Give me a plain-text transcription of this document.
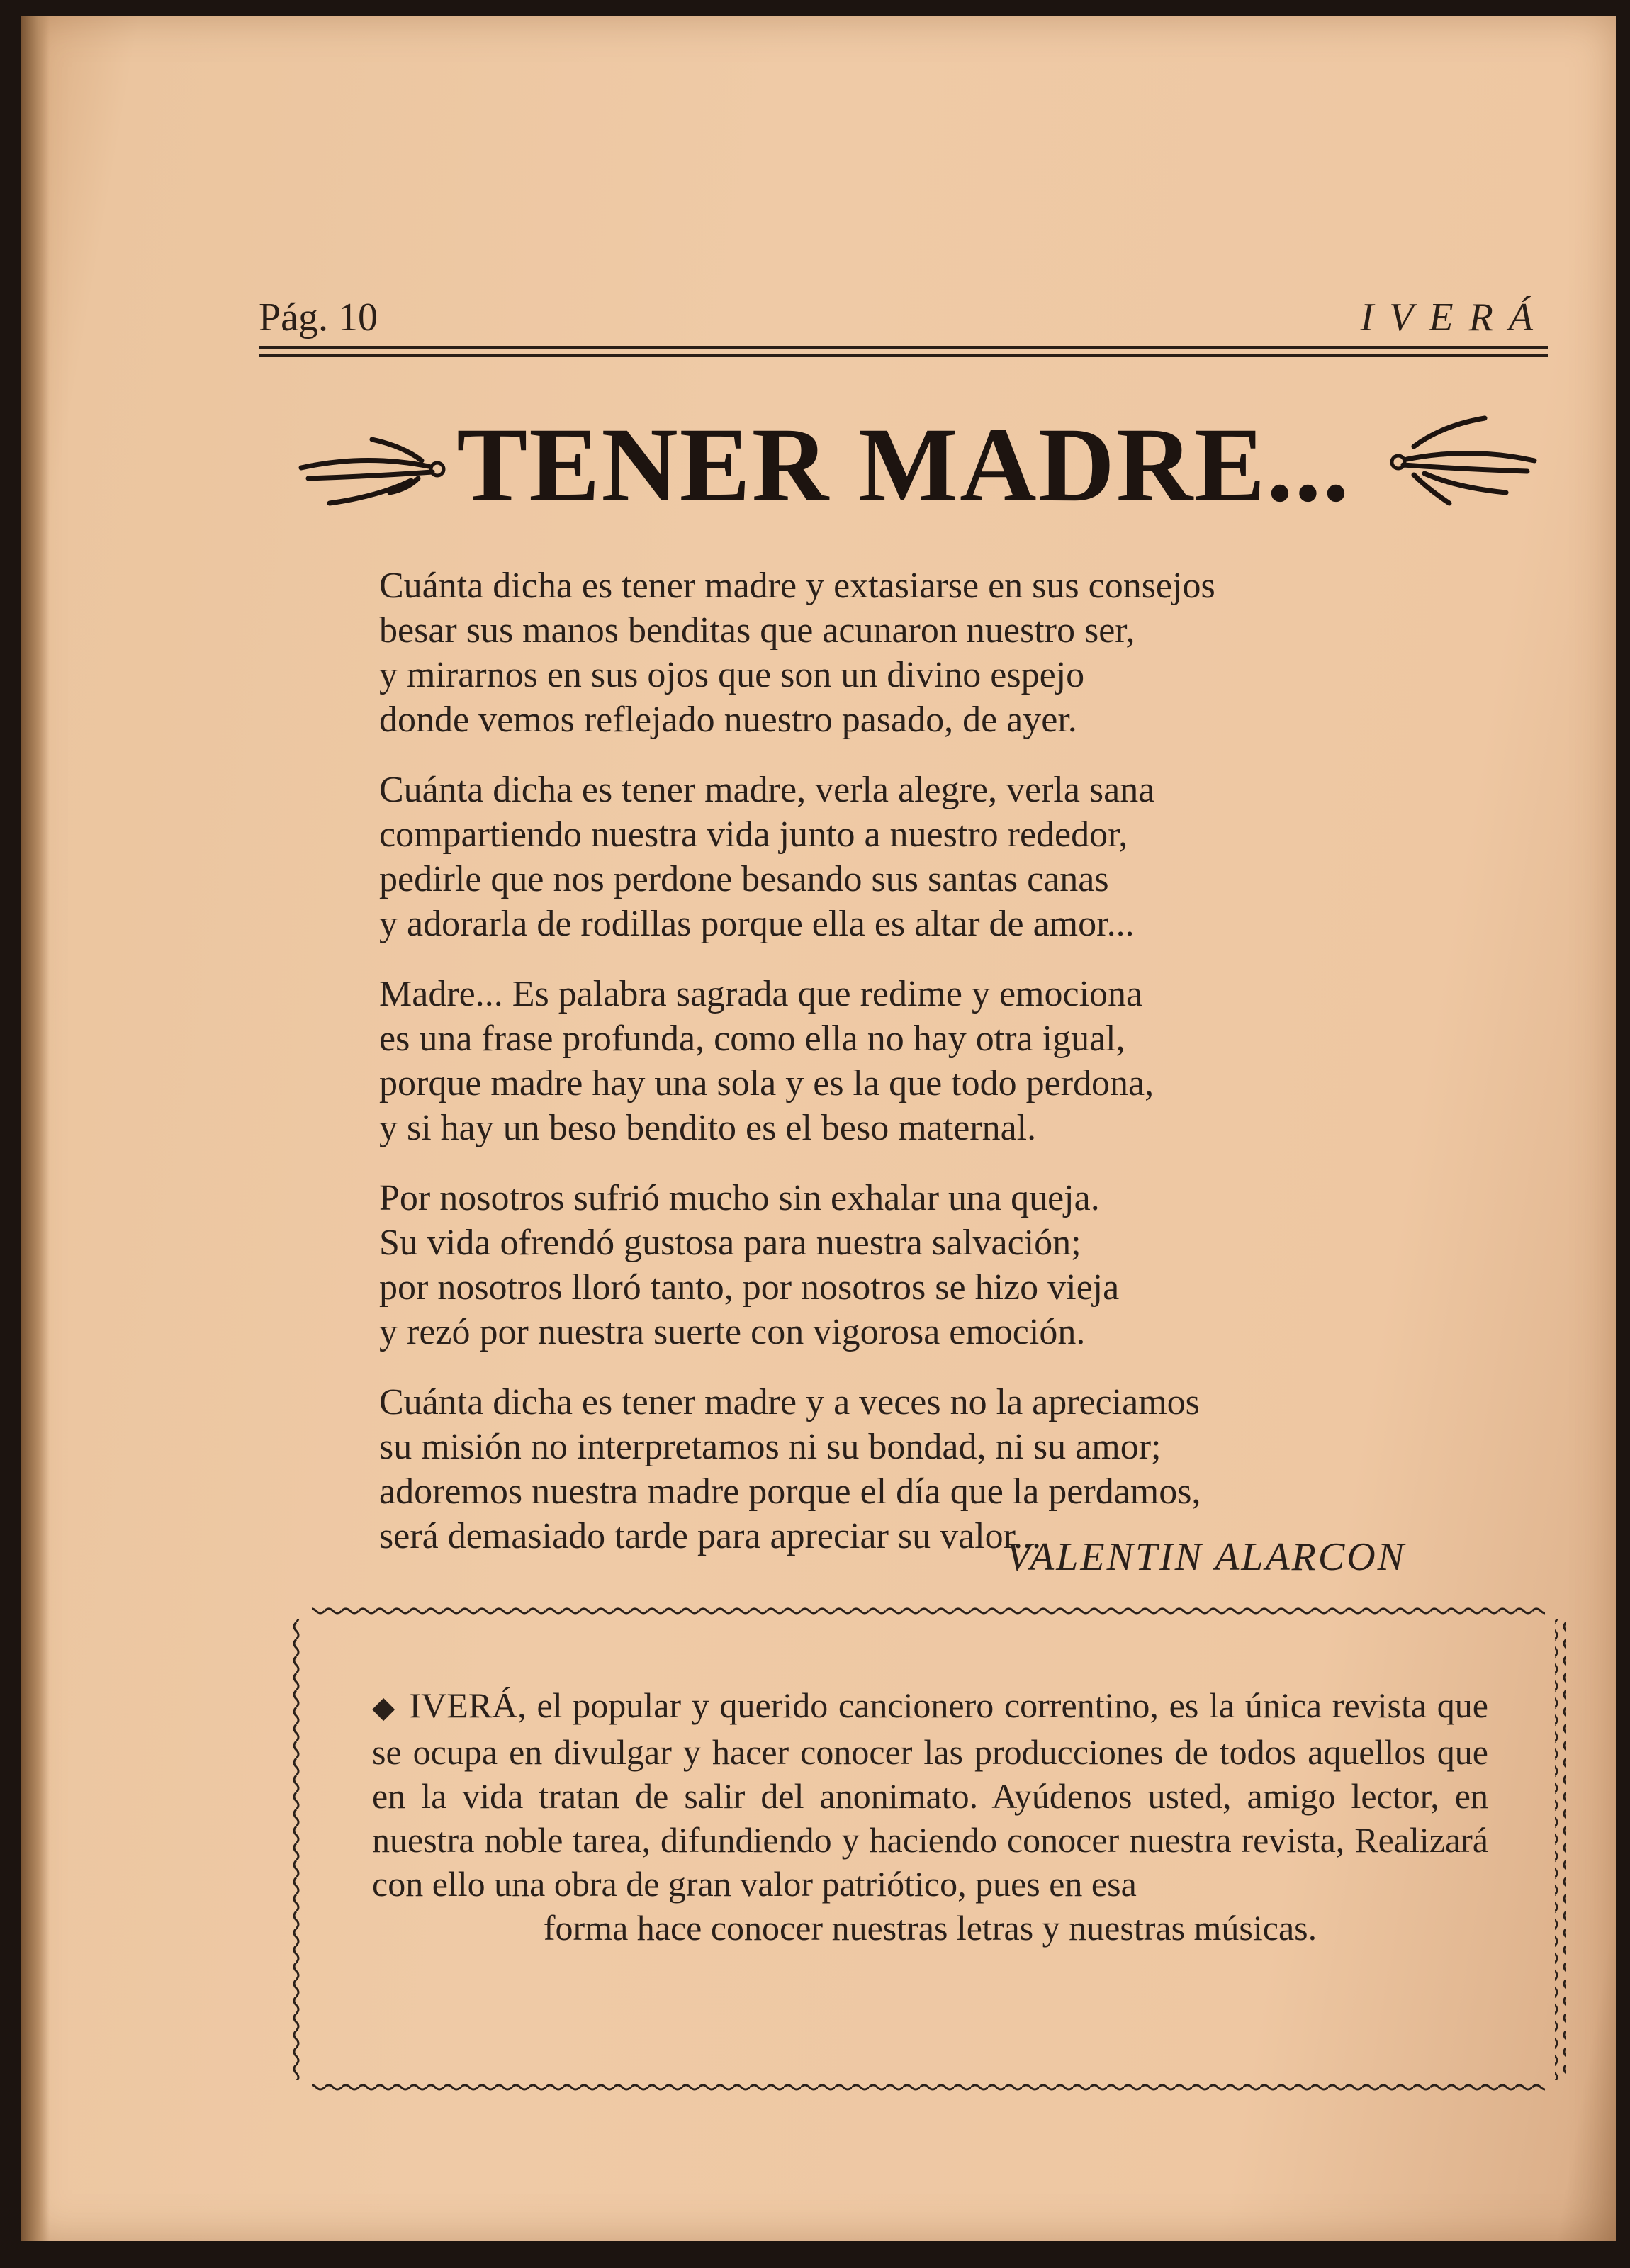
Pág. 10	IVERÁ
TENER MADRE...
Cuánta dicha es tener madre y extasiarse en sus consejos
besar sus manos benditas que acunaron nuestro ser,
y mirarnos en sus ojos que son un divino espejo
donde vemos reflejado nuestro pasado, de ayer.
Cuánta dicha es tener madre, verla alegre, verla sana
compartiendo nuestra vida junto a nuestro rededor,
pedirle que nos perdone besando sus santas canas
y adorarla de rodillas porque ella es altar de amor...
Madre... Es palabra sagrada que redime y emociona
es una frase profunda, como ella no hay otra igual,
porque madre hay una sola y es la que todo perdona,
y si hay un beso bendito es el beso maternal.
Por nosotros sufrió mucho sin exhalar una queja.
Su vida ofrendó gustosa para nuestra salvación;
por nosotros lloró tanto, por nosotros se hizo vieja
y rezó por nuestra suerte con vigorosa emoción.
Cuánta dicha es tener madre y a veces no la apreciamos
su misión no interpretamos ni su bondad, ni su amor;
adoremos nuestra madre porque el día que la perdamos,
será demasiado tarde para apreciar su valor...
VALENTIN ALARCON
◆ IVERÁ, el popular y querido cancionero correntino, es la única revista que se ocupa en divulgar y hacer conocer las producciones de todos aquellos que en la vida tratan de salir del anonimato. Ayúdenos usted, amigo lector, en nuestra noble tarea, difundiendo y haciendo conocer nuestra revista, Realizará con ello una obra de gran valor patriótico, pues en esa
forma hace conocer nuestras letras y nuestras músicas.
